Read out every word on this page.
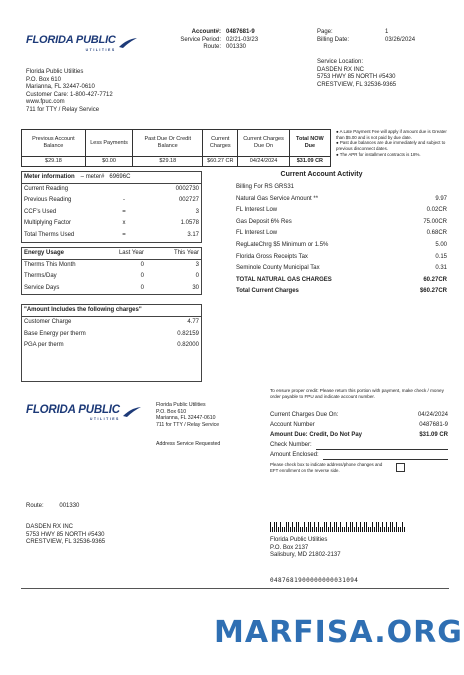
FLORIDA PUBLIC
UTILITIES
Account#: 0487681-9
Service Period: 02/21-03/23
Route: 001330
Page:	1
Billing Date:	03/26/2024
Florida Public Utilities
P.O. Box 610
Marianna, FL 32447-0610
Customer Care: 1-800-427-7712
www.fpuc.com
711 for TTY / Relay Service
Service Location:
DASDEN RX INC
5753 HWY 85 NORTH #5430
CRESTVIEW, FL 32536-9365
Previous Account Balance	Less Payments	Past Due Or Credit Balance	Current Charges	Current Charges Due On	Total NOW Due
$29.18	$0.00	$29.18	$60.27 CR	04/24/2024	$31.09 CR
● A Late Payment Fee will apply if amount due is Greater than $5.00 and is not paid by due date.
● Past due balances are due immediately and subject to previous disconnect dates.
● The APR for installment contracts is 18%.
Meter information	– meter# 69696C
Current Reading	0002730
Previous Reading	-	002727
CCF's Used	=	3
Multiplying Factor	x	1.0578
Total Therms Used	=	3.17
Energy Usage	Last Year	This Year
Therms This Month	0	3
Therms/Day	0	0
Service Days	0	30
"Amount Includes the following charges"
Customer Charge	4.77
Base Energy per therm	0.82159
PGA per therm	0.82000
Current Account Activity
Billing For RS GRS31
Natural Gas Service Amount **	9.97
FL Interest Low	0.02CR
Gas Deposit 6% Res	75.00CR
FL Interest Low	0.68CR
RegLateChrg $5 Minimum or 1.5%	5.00
Florida Gross Receipts Tax	0.15
Seminole County Municipal Tax	0.31
TOTAL NATURAL GAS CHARGES	60.27CR
Total Current Charges	$60.27CR
FLORIDA PUBLIC
UTILITIES
Florida Public Utilities
P.O. Box 610
Marianna, FL 32447-0610
711 for TTY / Relay Service
Address Service Requested
Route:	001330
DASDEN RX INC
5753 HWY 85 NORTH #5430
CRESTVIEW, FL 32536-9365
To ensure proper credit: Please return this portion with payment, make check / money order payable to FPU and indicate account number.
Current Charges Due On:	04/24/2024
Account Number	0487681-9
Amount Due: Credit, Do Not Pay	$31.09 CR
Check Number:
Amount Enclosed:
Please check box to indicate address/phone changes and EFT enrollment on the reverse side.
Florida Public Utilities
P.O. Box 2137
Salisbury, MD 21802-2137
0487681900000000031094
MARFISA.ORG
